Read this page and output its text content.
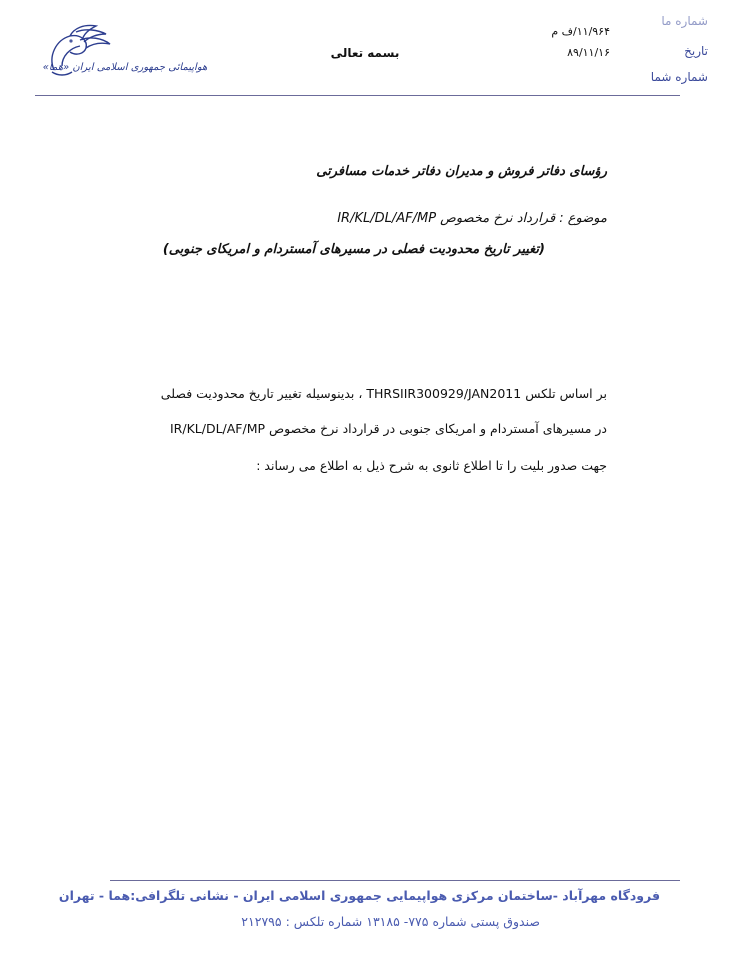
هواپیمائی جمهوری اسلامی ایران «هما»
بسمه تعالی
شماره ما
تاریخ
شماره شما
۱۱/۹۶۴/ف م
۸۹/۱۱/۱۶
رؤسای دفاتر فروش و مدیران دفاتر خدمات مسافرتی
موضوع : قرارداد نرخ مخصوص IR/KL/DL/AF/MP
(تغییر تاریخ محدودیت فصلی در مسیرهای آمستردام و امریکای جنوبی)
بر اساس تلکس THRSIIR300929/JAN2011 ، بدینوسیله تغییر تاریخ محدودیت فصلی
در مسیرهای آمستردام و امریکای جنوبی در قرارداد نرخ مخصوص IR/KL/DL/AF/MP
جهت صدور بلیت را تا اطلاع ثانوی به شرح ذیل به اطلاع می رساند :
فرودگاه مهرآباد -ساختمان مرکزی هواپیمایی جمهوری اسلامی ایران - نشانی تلگرافی:هما - تهران
صندوق پستی شماره ۷۷۵- ۱۳۱۸۵ شماره تلکس : ۲۱۲۷۹۵
